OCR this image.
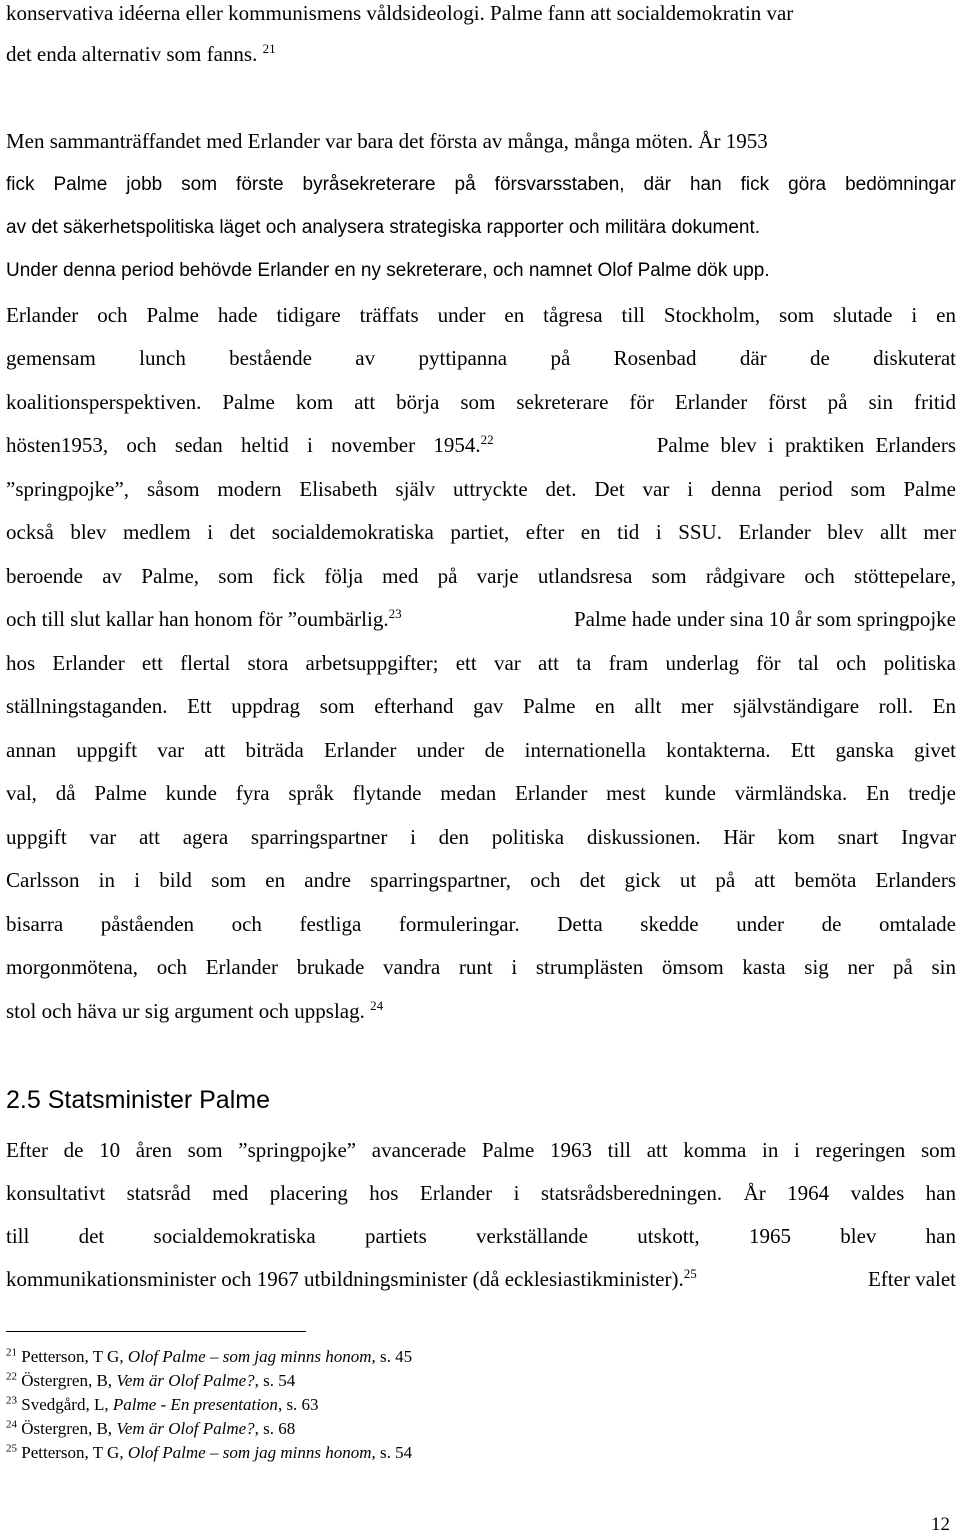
konservativa idéerna eller kommunismens våldsideologi. Palme fann att socialdemokratin var
det enda alternativ som fanns. $^{21}$
Men sammanträffandet med Erlander var bara det första av många, många möten. År 1953
fick Palme jobb som förste byråsekreterare på försvarsstaben, där han fick göra bedömningar
av det säkerhetspolitiska läget och analysera strategiska rapporter och militära dokument.
Under denna period behövde Erlander en ny sekreterare, och namnet Olof Palme dök upp.
Erlander och Palme hade tidigare träffats under en tågresa till Stockholm, som slutade i en
gemensam lunch bestående av pyttipanna på Rosenbad där de diskuterat
koalitionsperspektiven. Palme kom att börja som sekreterare för Erlander först på sin fritid
hösten1953, och sedan heltid i november 1954.22	Palme blev i praktiken Erlanders
”springpojke”, såsom modern Elisabeth själv uttryckte det. Det var i denna period som Palme
också blev medlem i det socialdemokratiska partiet, efter en tid i SSU. Erlander blev allt mer
beroende av Palme, som fick följa med på varje utlandsresa som rådgivare och stöttepelare,
och till slut kallar han honom för ”oumbärlig.$^{23}$	Palme hade under sina 10 år som springpojke
hos Erlander ett flertal stora arbetsuppgifter; ett var att ta fram underlag för tal och politiska
ställningstaganden. Ett uppdrag som efterhand gav Palme en allt mer självständigare roll. En
annan uppgift var att biträda Erlander under de internationella kontakterna. Ett ganska givet
val, då Palme kunde fyra språk flytande medan Erlander mest kunde värmländska. En tredje
uppgift var att agera sparringspartner i den politiska diskussionen. Här kom snart Ingvar
Carlsson in i bild som en andre sparringspartner, och det gick ut på att bemöta Erlanders
bisarra påståenden och festliga formuleringar. Detta skedde under de omtalade
morgonmötena, och Erlander brukade vandra runt i strumplästen ömsom kasta sig ner på sin
stol och häva ur sig argument och uppslag. $^{24}$
2.5 Statsminister Palme
Efter de 10 åren som ”springpojke” avancerade Palme 1963 till att komma in i regeringen som
konsultativt statsråd med placering hos Erlander i statsrådsberedningen. År 1964 valdes han
till det socialdemokratiska partiets verkställande utskott, 1965 blev han
kommunikationsminister och 1967 utbildningsminister (då ecklesiastikminister).$^{25}$	Efter valet
$^{21}$ Petterson, T G, Olof Palme – som jag minns honom, s. 45
$^{22}$ Östergren, B, Vem är Olof Palme?, s. 54
$^{23}$ Svedgård, L, Palme - En presentation, s. 63
$^{24}$ Östergren, B, Vem är Olof Palme?, s. 68
$^{25}$ Petterson, T G, Olof Palme – som jag minns honom, s. 54
12
